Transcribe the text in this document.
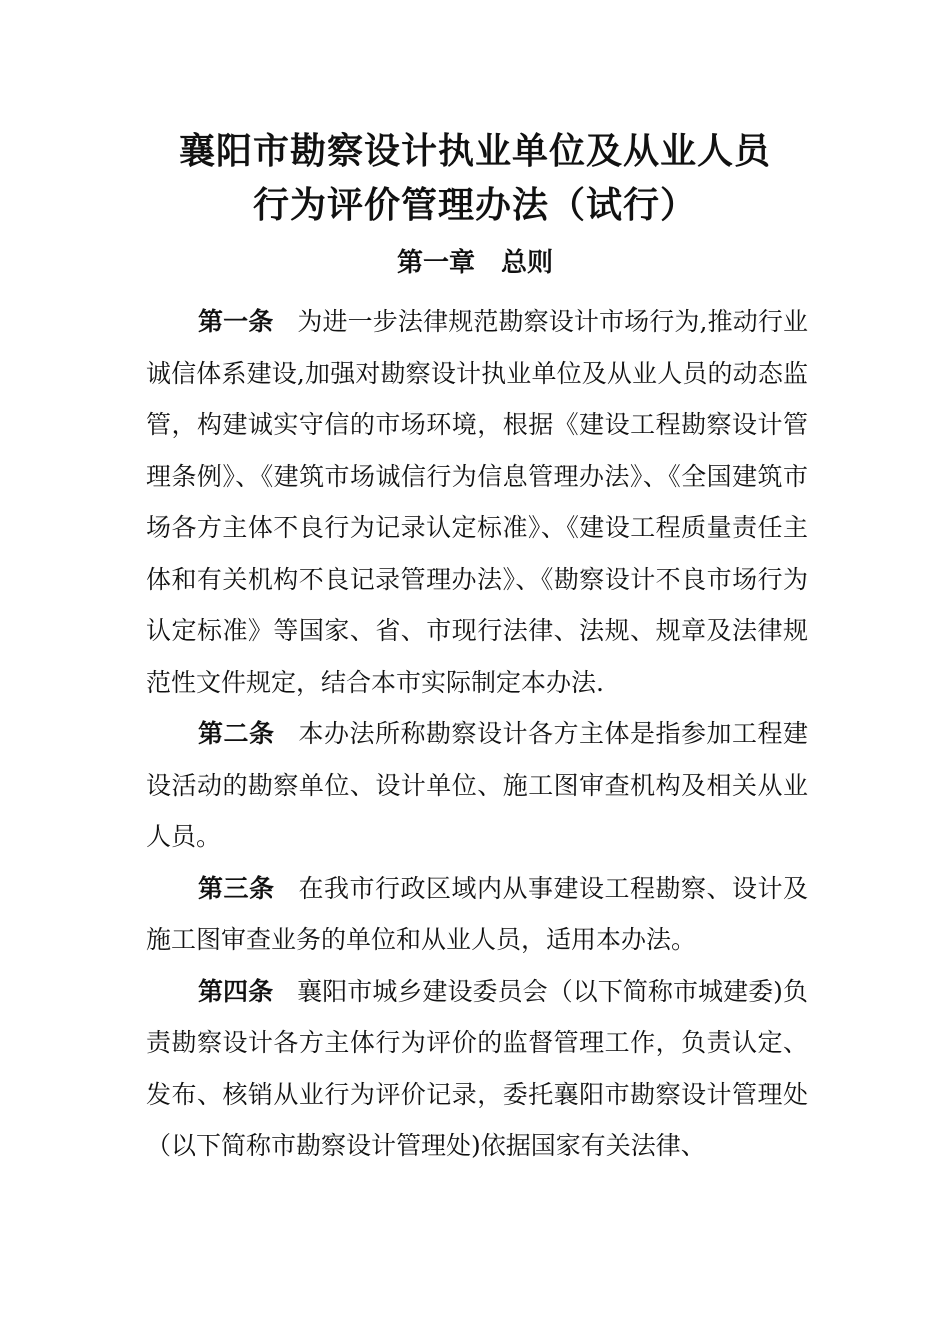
襄阳市勘察设计执业单位及从业人员
行为评价管理办法（试行）
第一章　总则

第一条 为进一步法律规范勘察设计市场行为,推动行业诚信体系建设,加强对勘察设计执业单位及从业人员的动态监管，构建诚实守信的市场环境，根据《建设工程勘察设计管理条例》、《建筑市场诚信行为信息管理办法》、《全国建筑市场各方主体不良行为记录认定标准》、《建设工程质量责任主体和有关机构不良记录管理办法》、《勘察设计不良市场行为认定标准》等国家、省、市现行法律、法规、规章及法律规范性文件规定，结合本市实际制定本办法.

第二条 本办法所称勘察设计各方主体是指参加工程建设活动的勘察单位、设计单位、施工图审查机构及相关从业人员。

第三条 在我市行政区域内从事建设工程勘察、设计及施工图审查业务的单位和从业人员，适用本办法。

第四条 襄阳市城乡建设委员会（以下简称市城建委)负责勘察设计各方主体行为评价的监督管理工作，负责认定、发布、核销从业行为评价记录，委托襄阳市勘察设计管理处（以下简称市勘察设计管理处)依据国家有关法律、
